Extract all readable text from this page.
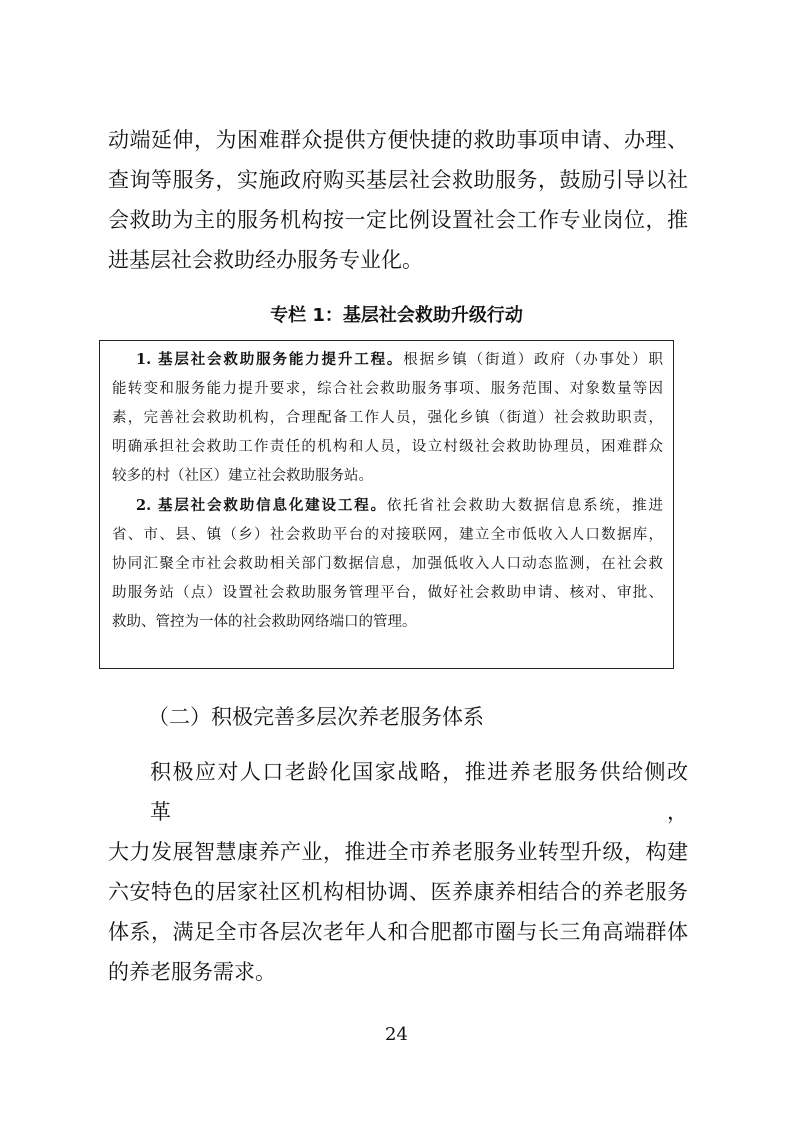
动端延伸，为困难群众提供方便快捷的救助事项申请、办理、
查询等服务，实施政府购买基层社会救助服务，鼓励引导以社
会救助为主的服务机构按一定比例设置社会工作专业岗位，推
进基层社会救助经办服务专业化。

专栏 1：基层社会救助升级行动

1. 基层社会救助服务能力提升工程。根据乡镇（街道）政府（办事处）职
能转变和服务能力提升要求，综合社会救助服务事项、服务范围、对象数量等因
素，完善社会救助机构，合理配备工作人员，强化乡镇（街道）社会救助职责，
明确承担社会救助工作责任的机构和人员，设立村级社会救助协理员，困难群众
较多的村（社区）建立社会救助服务站。

2. 基层社会救助信息化建设工程。依托省社会救助大数据信息系统，推进
省、市、县、镇（乡）社会救助平台的对接联网，建立全市低收入人口数据库，
协同汇聚全市社会救助相关部门数据信息，加强低收入人口动态监测，在社会救
助服务站（点）设置社会救助服务管理平台，做好社会救助申请、核对、审批、
救助、管控为一体的社会救助网络端口的管理。

（二）积极完善多层次养老服务体系
积极应对人口老龄化国家战略，推进养老服务供给侧改革，
大力发展智慧康养产业，推进全市养老服务业转型升级，构建
六安特色的居家社区机构相协调、医养康养相结合的养老服务
体系，满足全市各层次老年人和合肥都市圈与长三角高端群体
的养老服务需求。

24
